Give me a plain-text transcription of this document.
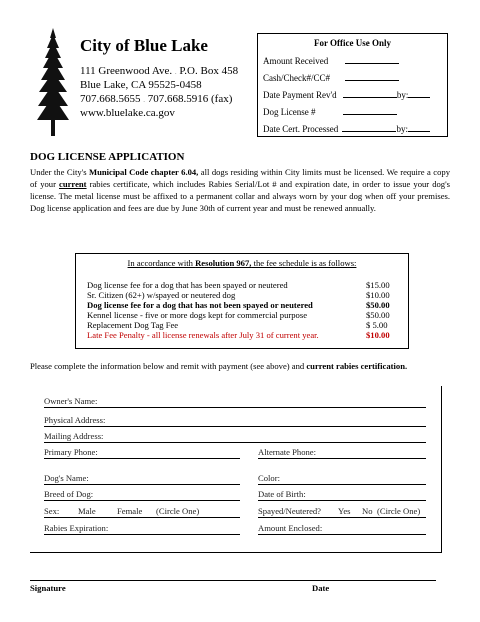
City of Blue Lake
111 Greenwood Ave. . P.O. Box 458
Blue Lake, CA 95525-0458
707.668.5655 . 707.668.5916 (fax)
www.bluelake.ca.gov
For Office Use Only
Amount Received
Cash/Check#/CC#
Date Payment Rev'd	by:
Dog License #
Date Cert. Processed	by:
DOG LICENSE APPLICATION
Under the City's Municipal Code chapter 6.04, all dogs residing within City limits must be licensed. We require a copy of your current rabies certificate, which includes Rabies Serial/Lot # and expiration date, in order to issue your dog's license. The metal license must be affixed to a permanent collar and always worn by your dog when off your premises. Dog license application and fees are due by June 30th of current year and must be renewed annually.
In accordance with Resolution 967, the fee schedule is as follows:
Dog license fee for a dog that has been spayed or neutered	$15.00
Sr. Citizen (62+) w/spayed or neutered dog	$10.00
Dog license fee for a dog that has not been spayed or neutered	$50.00
Kennel license - five or more dogs kept for commercial purpose	$50.00
Replacement Dog Tag Fee	$ 5.00
Late Fee Penalty - all license renewals after July 31 of current year.	$10.00
Please complete the information below and remit with payment (see above) and current rabies certification.
Owner's Name:
Physical Address:
Mailing Address:
Primary Phone:	Alternate Phone:
Dog's Name:	Color:
Breed of Dog:	Date of Birth:
Sex: Male Female (Circle One)	Spayed/Neutered? Yes No (Circle One)
Rabies Expiration:	Amount Enclosed:
Signature	Date
